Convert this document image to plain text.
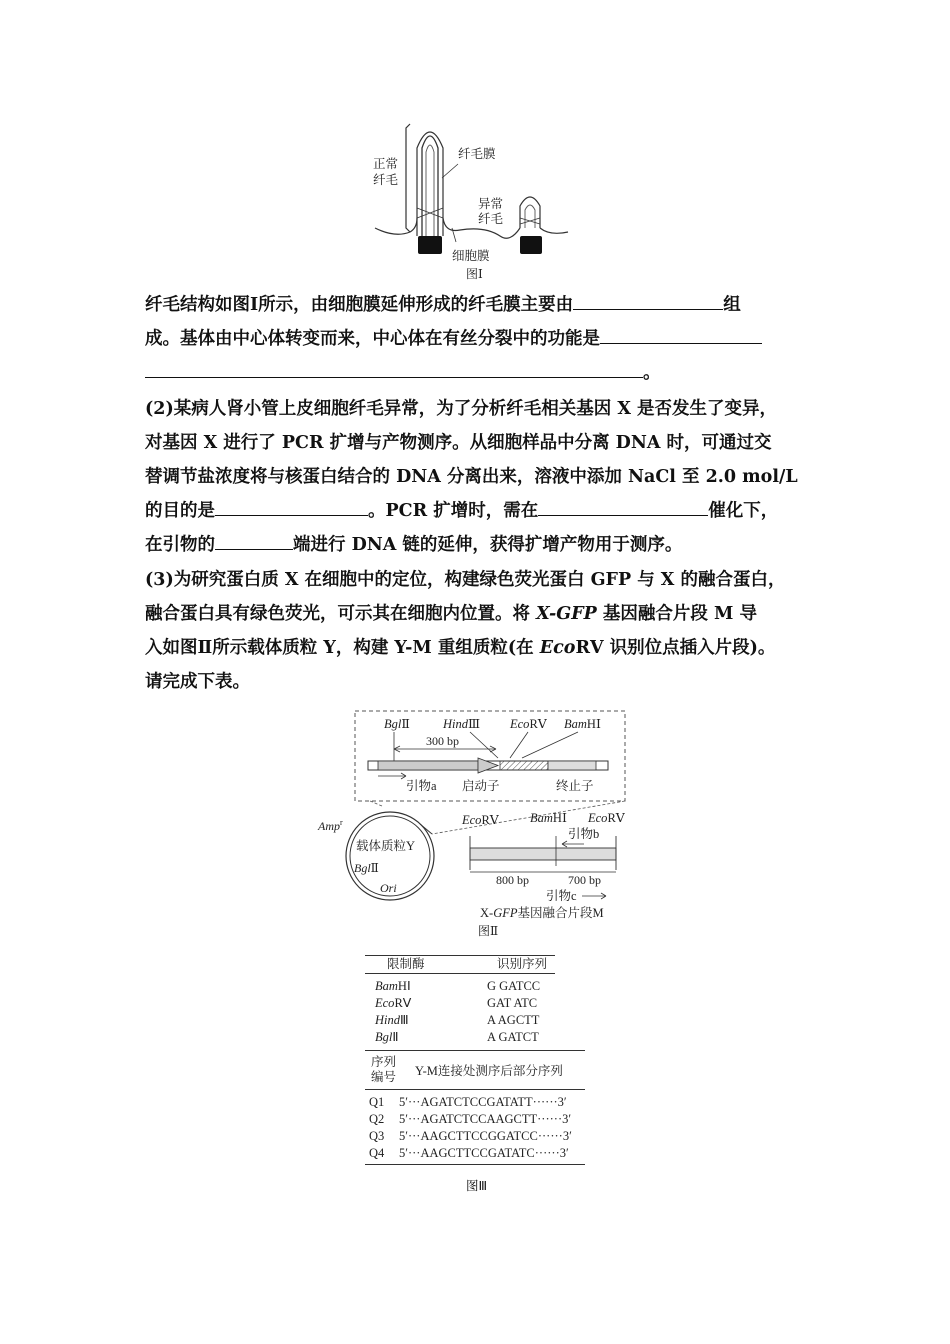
正常
纤毛
纤毛膜
异常
纤毛
细胞膜
图Ⅰ
纤毛结构如图Ⅰ所示，由细胞膜延伸形成的纤毛膜主要由	组
成。基体由中心体转变而来，中心体在有丝分裂中的功能是
。
(2)某病人肾小管上皮细胞纤毛异常，为了分析纤毛相关基因 X 是否发生了变异，
对基因 X 进行了 PCR 扩增与产物测序。从细胞样品中分离 DNA 时，可通过交
替调节盐浓度将与核蛋白结合的 DNA 分离出来，溶液中添加 NaCl 至 2.0 mol/L
的目的是	。PCR 扩增时，需在	催化下，
在引物的	端进行 DNA 链的延伸，获得扩增产物用于测序。
(3)为研究蛋白质 X 在细胞中的定位，构建绿色荧光蛋白 GFP 与 X 的融合蛋白，
融合蛋白具有绿色荧光，可示其在细胞内位置。将 X-GFP 基因融合片段 M 导
入如图Ⅱ所示载体质粒 Y，构建 Y-M 重组质粒(在 EcoRⅤ 识别位点插入片段)。
请完成下表。
BglⅡ	HindⅢ EcoRⅤ BamHⅠ
300 bp
引物a 启动子	终止子
Amp$^r$
载体质粒Y
BglⅡ
Ori
EcoRⅤ BamHⅠ EcoRⅤ
引物b
800 bp	700 bp
引物c
X-GFP基因融合片段M
图Ⅱ
限制酶	识别序列
BamHⅠ	G GATCC
EcoRⅤ	GAT ATC
HindⅢ	A AGCTT
BglⅡ	A GATCT
序列
编号	Y-M连接处测序后部分序列
Q1	5′···AGATCTCCGATATT······3′
Q2	5′···AGATCTCCAAGCTT······3′
Q3	5′···AAGCTTCCGGATCC······3′
Q4	5′···AAGCTTCCGATATC······3′
图Ⅲ
